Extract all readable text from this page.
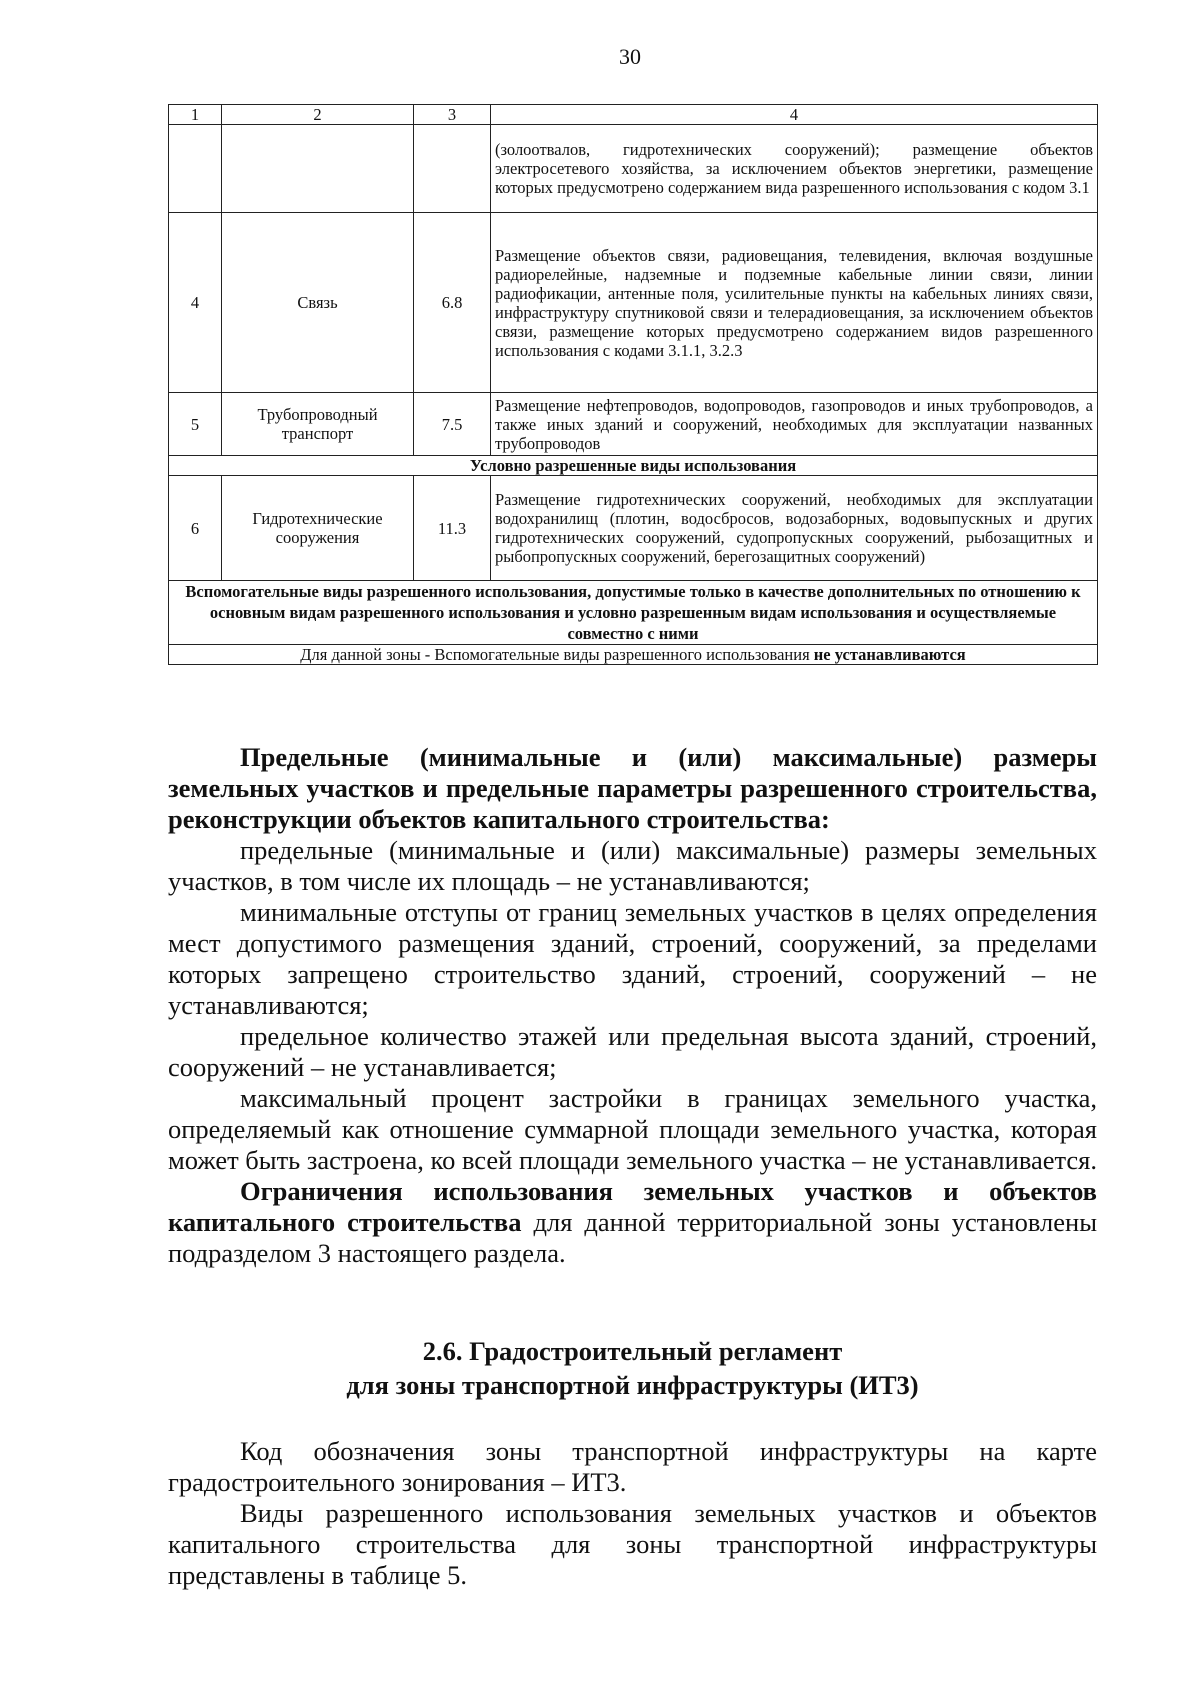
30
1	2	3	4
			(золоотвалов, гидротехнических сооружений); размещение объектов электросетевого хозяйства, за исключением объектов энергетики, размещение которых предусмотрено содержанием вида разрешенного использования с кодом 3.1
4	Связь	6.8	Размещение объектов связи, радиовещания, телевидения, включая воздушные радиорелейные, надземные и подземные кабельные линии связи, линии радиофикации, антенные поля, усилительные пункты на кабельных линиях связи, инфраструктуру спутниковой связи и телерадиовещания, за исключением объектов связи, размещение которых предусмотрено содержанием видов разрешенного использования с кодами 3.1.1, 3.2.3
5	Трубопроводный транспорт	7.5	Размещение нефтепроводов, водопроводов, газопроводов и иных трубопроводов, а также иных зданий и сооружений, необходимых для эксплуатации названных трубопроводов
Условно разрешенные виды использования			
6	Гидротехнические сооружения	11.3	Размещение гидротехнических сооружений, необходимых для эксплуатации водохранилищ (плотин, водосбросов, водозаборных, водовыпускных и других гидротехнических сооружений, судопропускных сооружений, рыбозащитных и рыбопропускных сооружений, берегозащитных сооружений)
Вспомогательные виды разрешенного использования, допустимые только в качестве дополнительных по отношению к основным видам разрешенного использования и условно разрешенным видам использования и осуществляемые совместно с ними			
Для данной зоны - Вспомогательные виды разрешенного использования не устанавливаются			

Предельные (минимальные и (или) максимальные) размеры земельных участков и предельные параметры разрешенного строительства, реконструкции объектов капитального строительства:

предельные (минимальные и (или) максимальные) размеры земельных участков, в том числе их площадь – не устанавливаются;

минимальные отступы от границ земельных участков в целях определения мест допустимого размещения зданий, строений, сооружений, за пределами которых запрещено строительство зданий, строений, сооружений – не устанавливаются;

предельное количество этажей или предельная высота зданий, строений, сооружений – не устанавливается;

максимальный процент застройки в границах земельного участка, определяемый как отношение суммарной площади земельного участка, которая может быть застроена, ко всей площади земельного участка – не устанавливается.

Ограничения использования земельных участков и объектов капитального строительства для данной территориальной зоны установлены подразделом 3 настоящего раздела.

2.6. Градостроительный регламент
для зоны транспортной инфраструктуры (ИТ3)

Код обозначения зоны транспортной инфраструктуры на карте градостроительного зонирования – ИТ3.

Виды разрешенного использования земельных участков и объектов капитального строительства для зоны транспортной инфраструктуры представлены в таблице 5.
